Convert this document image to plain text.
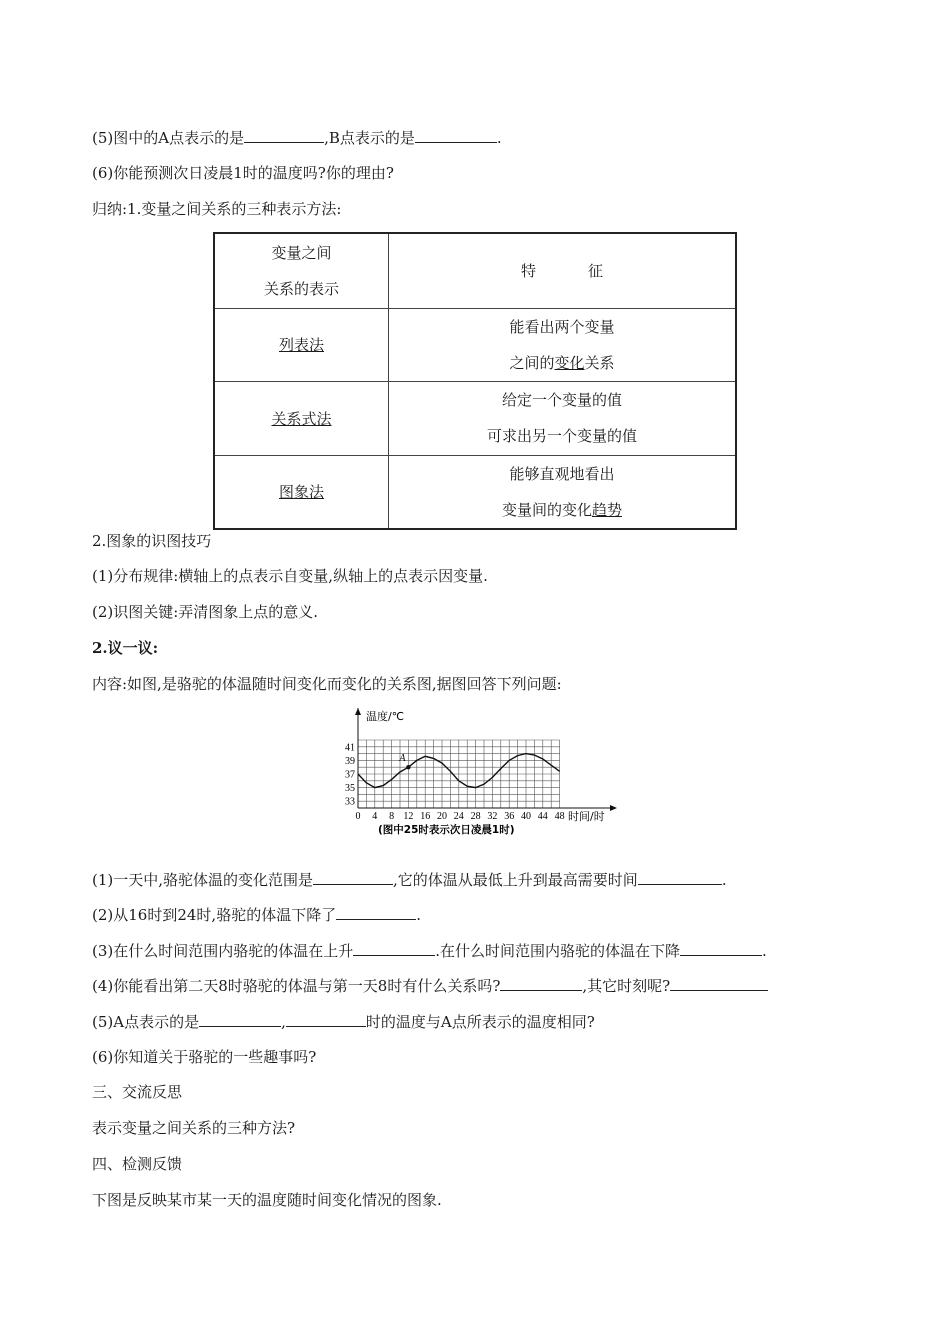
(5)图中的A点表示的是	,B点表示的是	.
(6)你能预测次日凌晨1时的温度吗?你的理由?
归纳:1.变量之间关系的三种表示方法:
变量之间
关系的表示	特 征
列表法	能看出两个变量
之间的变化关系

关系式法	给定一个变量的值
可求出另一个变量的值

图象法	能够直观地看出
变量间的变化趋势
2.图象的识图技巧
(1)分布规律:横轴上的点表示自变量,纵轴上的点表示因变量.
(2)识图关键:弄清图象上点的意义.
2.议一议:
内容:如图,是骆驼的体温随时间变化而变化的关系图,据图回答下列问题:
A
33
35
37
39
41
0 4 8 12 16 20 24 28 32 36 40 44 48
温度/℃
时间/时
(图中25时表示次日凌晨1时)
(1)一天中,骆驼体温的变化范围是	,它的体温从最低上升到最高需要时间	.
(2)从16时到24时,骆驼的体温下降了	.
(3)在什么时间范围内骆驼的体温在上升	.在什么时间范围内骆驼的体温在下降	.
(4)你能看出第二天8时骆驼的体温与第一天8时有什么关系吗?	,其它时刻呢?
(5)A点表示的是	,	时的温度与A点所表示的温度相同?
(6)你知道关于骆驼的一些趣事吗?
三、交流反思
表示变量之间关系的三种方法?
四、检测反馈
下图是反映某市某一天的温度随时间变化情况的图象.
